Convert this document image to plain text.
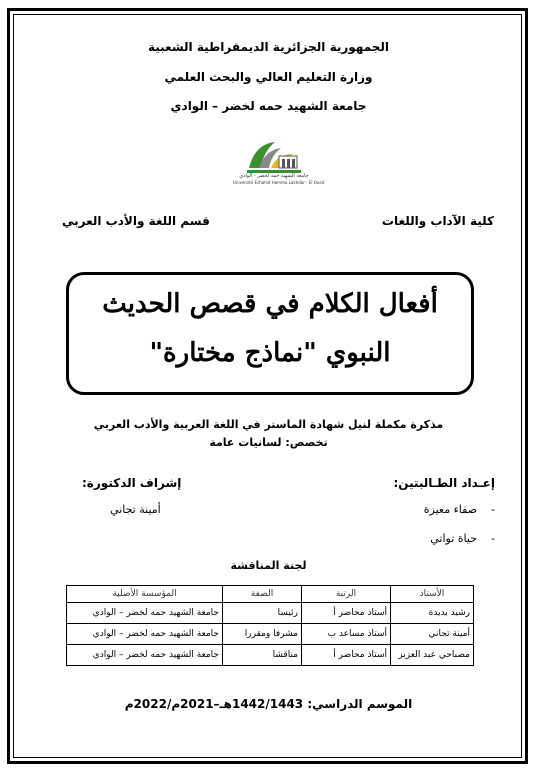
الجمهورية الجزائرية الديمقراطية الشعبية
وزارة التعليم العالي والبحث العلمي
جامعة الشهيد حمه لخضر – الوادي
جامعة الشهيد حمه لخضر - الوادي
Université Echahid Hamma Lakhdar - El Oued
كلية الآداب واللغات
قسم اللغة والأدب العربي
أفعال الكلام في قصص الحديث
النبوي "نماذج مختارة"
مذكرة مكملة لنيل شهادة الماستر في اللغة العربية والأدب العربي
تخصص: لسانيات عامة
إعـداد الطـالبتين:
-    صفاء معيزة
-    حياة تواتي
إشراف الدكتورة:
أمينة تجاني
لجنة المناقشة
الأستاذ	الرتبة	الصفة	المؤسسة الأصلية
رشيد بديدة	أستاذ محاضر أ	رئيسا	جامعة الشهيد حمه لخضر – الوادي
أمينة تجاني	أستاذ مساعد ب	مشرفا ومقررا	جامعة الشهيد حمه لخضر – الوادي
مصباحي عبد العزيز	أستاذ محاضر أ	مناقشا	جامعة الشهيد حمه لخضر – الوادي
الموسم الدراسي: 1442/1443هـ–2021م/2022م
